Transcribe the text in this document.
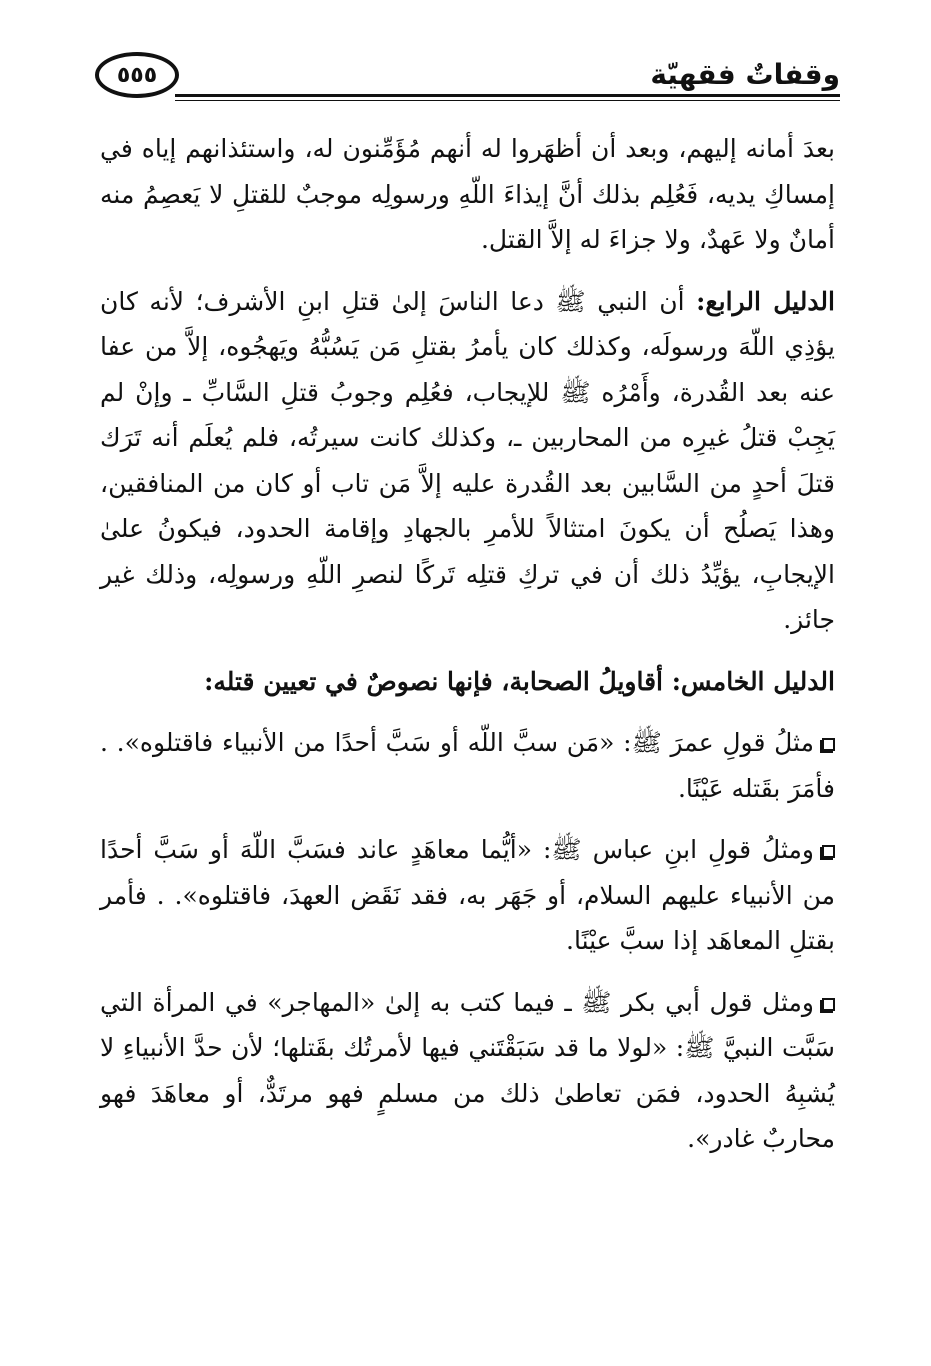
وقفاتٌ فقهيّة
٥٥٥

بعدَ أمانه إليهم، وبعد أن أظهَروا له أنهم مُؤَمِّنون له، واستئذانهم إياه في إمساكِ يديه، فَعُلِم بذلك أنَّ إيذاءَ اللّهِ ورسولِه موجبٌ للقتلِ لا يَعصِمُ منه أمانٌ ولا عَهدٌ، ولا جزاءَ له إلاَّ القتل.

الدليل الرابع: أن النبي ﷺ دعا الناسَ إلىٰ قتلِ ابنِ الأشرف؛ لأنه كان يؤذِي اللّهَ ورسولَه، وكذلك كان يأمرُ بقتلِ مَن يَسُبُّهُ ويَهجُوه، إلاَّ من عفا عنه بعد القُدرة، وأَمْرُه ﷺ للإيجاب، فعُلِم وجوبُ قتلِ السَّابِّ ـ وإنْ لم يَجِبْ قتلُ غيرِه من المحاربين ـ، وكذلك كانت سيرتُه، فلم يُعلَم أنه تَرَك قتلَ أحدٍ من السَّابين بعد القُدرة عليه إلاَّ مَن تاب أو كان من المنافقين، وهذا يَصلُح أن يكونَ امتثالاً للأمرِ بالجهادِ وإقامة الحدود، فيكونُ علىٰ الإيجابِ، يؤيِّدُ ذلك أن في تركِ قتلِه تَركًا لنصرِ اللّهِ ورسولِه، وذلك غير جائز.

الدليل الخامس: أقاويلُ الصحابة، فإنها نصوصٌ في تعيين قتله:

مثلُ قولِ عمرَ ﷺ: «مَن سبَّ اللّه أو سَبَّ أحدًا من الأنبياء فاقتلوه». . فأمَرَ بقَتله عَيْنًا.

ومثلُ قولِ ابنِ عباس ﷺ: «أيُّما معاهَدٍ عاند فسَبَّ اللّهَ أو سَبَّ أحدًا من الأنبياء عليهم السلام، أو جَهَر به، فقد نَقَض العهدَ، فاقتلوه». . فأمر بقتلِ المعاهَد إذا سبَّ عيْنًا.

ومثل قول أبي بكر ﷺ ـ فيما كتب به إلىٰ «المهاجر» في المرأة التي سَبَّت النبيَّ ﷺ: «لولا ما قد سَبَقْتَني فيها لأمرتُك بقَتلها؛ لأن حدَّ الأنبياءِ لا يُشبِهُ الحدود، فمَن تعاطىٰ ذلك من مسلمٍ فهو مرتَدٌّ، أو معاهَدَ فهو محاربٌ غادر».
